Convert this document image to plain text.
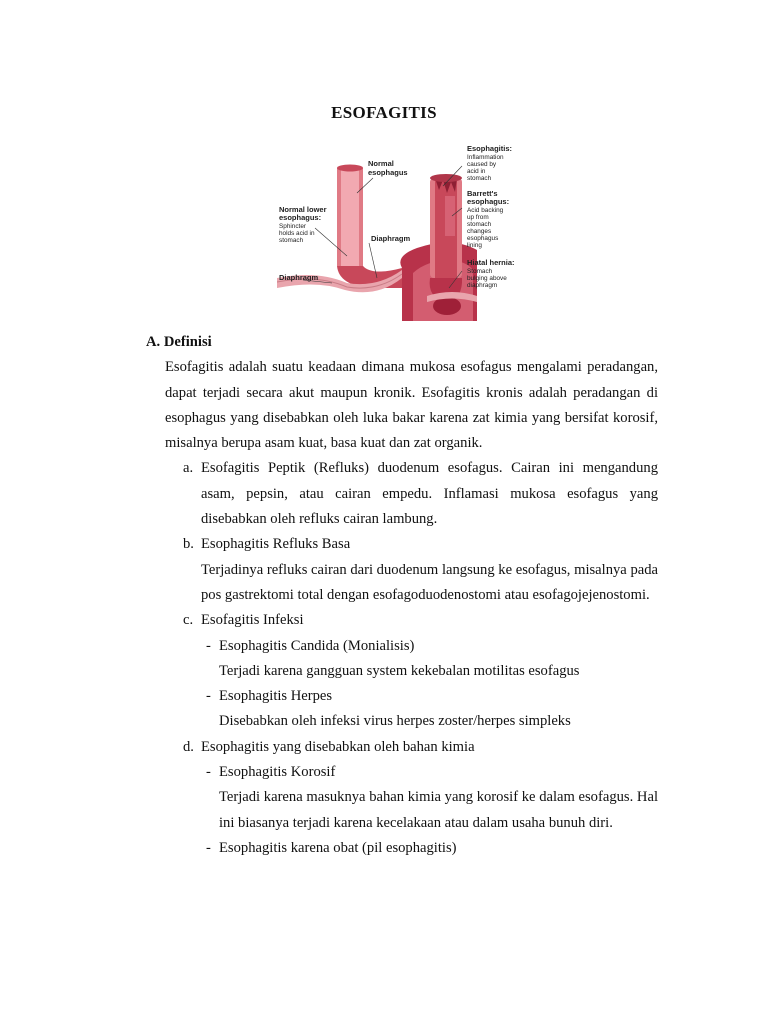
ESOFAGITIS
Normal
esophagus
Normal lower
esophagus:
Sphincter
holds acid in
stomach	Diaphragm
Diaphragm
Esophagitis:
Inflammation
caused by
acid in
stomach
Barrett's
esophagus:
Acid backing
up from
stomach
changes
esophagus
lining
Hiatal hernia:
Stomach
bulging above
diaphragm
A. Definisi
Esofagitis adalah suatu keadaan dimana mukosa esofagus mengalami peradangan, dapat terjadi secara akut maupun kronik. Esofagitis kronis adalah peradangan di esophagus yang disebabkan oleh luka bakar karena zat kimia yang bersifat korosif, misalnya berupa asam kuat, basa kuat dan zat organik.
a. Esofagitis Peptik (Refluks) duodenum esofagus. Cairan ini mengandung asam, pepsin, atau cairan empedu. Inflamasi mukosa esofagus yang disebabkan oleh refluks cairan lambung.
b. Esophagitis Refluks Basa
Terjadinya refluks cairan dari duodenum langsung ke esofagus, misalnya pada pos gastrektomi total dengan esofagoduodenostomi atau esofagojejenostomi.
c. Esofagitis Infeksi
- Esophagitis Candida (Monialisis)
Terjadi karena gangguan system kekebalan motilitas esofagus
- Esophagitis Herpes
Disebabkan oleh infeksi virus herpes zoster/herpes simpleks
d. Esophagitis yang disebabkan oleh bahan kimia
- Esophagitis Korosif
Terjadi karena masuknya bahan kimia yang korosif ke dalam esofagus. Hal ini biasanya terjadi karena kecelakaan atau dalam usaha bunuh diri.
- Esophagitis karena obat (pil esophagitis)
